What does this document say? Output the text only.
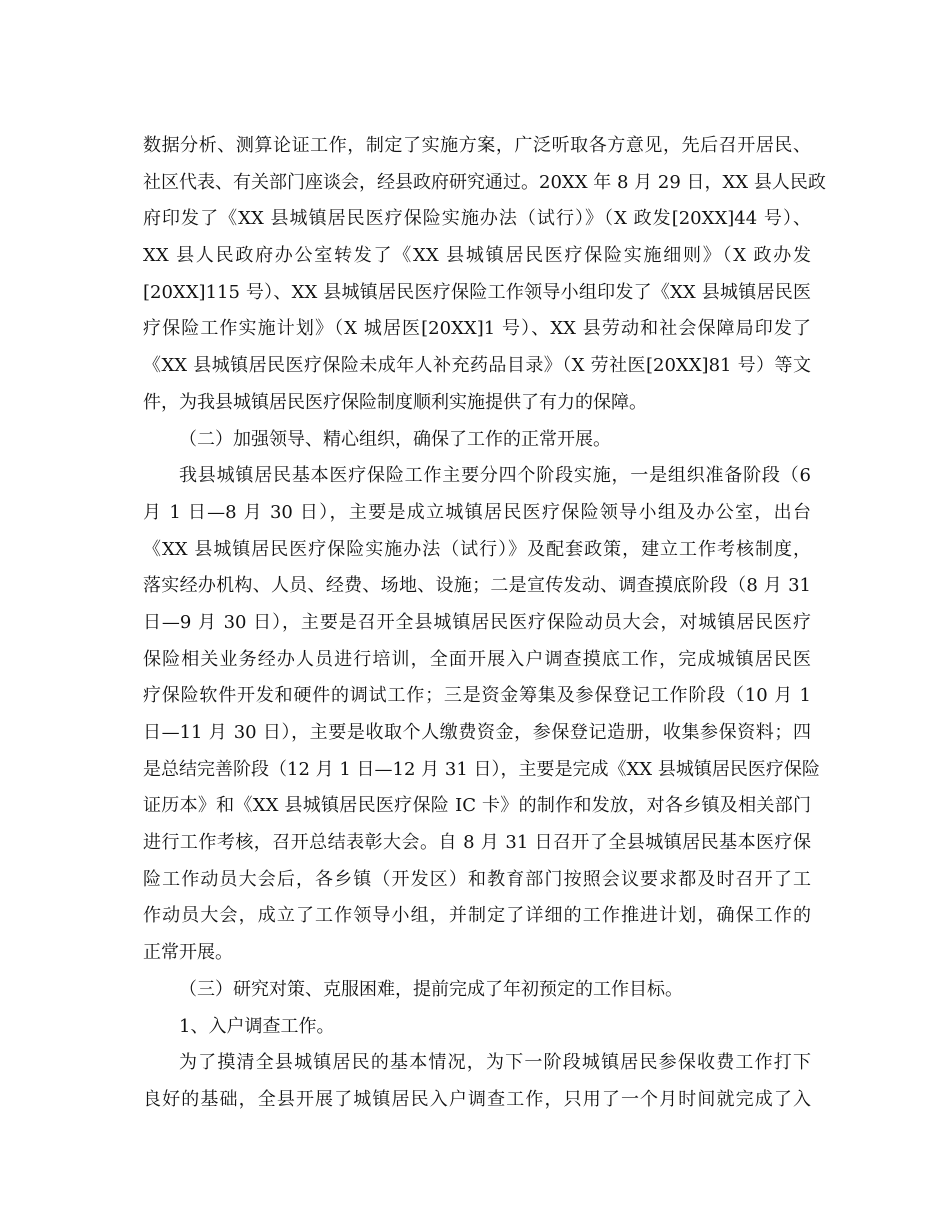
数据分析、测算论证工作，制定了实施方案，广泛听取各方意见，先后召开居民、
社区代表、有关部门座谈会，经县政府研究通过。20XX 年 8 月 29 日，XX 县人民政
府印发了《XX 县城镇居民医疗保险实施办法（试行）》（X 政发[20XX]44 号）、
XX 县人民政府办公室转发了《XX 县城镇居民医疗保险实施细则》（X 政办发
[20XX]115 号）、XX 县城镇居民医疗保险工作领导小组印发了《XX 县城镇居民医
疗保险工作实施计划》（X 城居医[20XX]1 号）、XX 县劳动和社会保障局印发了
《XX 县城镇居民医疗保险未成年人补充药品目录》（X 劳社医[20XX]81 号）等文
件，为我县城镇居民医疗保险制度顺利实施提供了有力的保障。
（二）加强领导、精心组织，确保了工作的正常开展。
我县城镇居民基本医疗保险工作主要分四个阶段实施，一是组织准备阶段（6
月 1 日—8 月 30 日），主要是成立城镇居民医疗保险领导小组及办公室，出台
《XX 县城镇居民医疗保险实施办法（试行）》及配套政策，建立工作考核制度，
落实经办机构、人员、经费、场地、设施；二是宣传发动、调查摸底阶段（8 月 31
日—9 月 30 日），主要是召开全县城镇居民医疗保险动员大会，对城镇居民医疗
保险相关业务经办人员进行培训，全面开展入户调查摸底工作，完成城镇居民医
疗保险软件开发和硬件的调试工作；三是资金筹集及参保登记工作阶段（10 月 1
日—11 月 30 日），主要是收取个人缴费资金，参保登记造册，收集参保资料；四
是总结完善阶段（12 月 1 日—12 月 31 日），主要是完成《XX 县城镇居民医疗保险
证历本》和《XX 县城镇居民医疗保险 IC 卡》的制作和发放，对各乡镇及相关部门
进行工作考核，召开总结表彰大会。自 8 月 31 日召开了全县城镇居民基本医疗保
险工作动员大会后，各乡镇（开发区）和教育部门按照会议要求都及时召开了工
作动员大会，成立了工作领导小组，并制定了详细的工作推进计划，确保工作的
正常开展。
（三）研究对策、克服困难，提前完成了年初预定的工作目标。
1、入户调查工作。
为了摸清全县城镇居民的基本情况，为下一阶段城镇居民参保收费工作打下
良好的基础，全县开展了城镇居民入户调查工作，只用了一个月时间就完成了入
